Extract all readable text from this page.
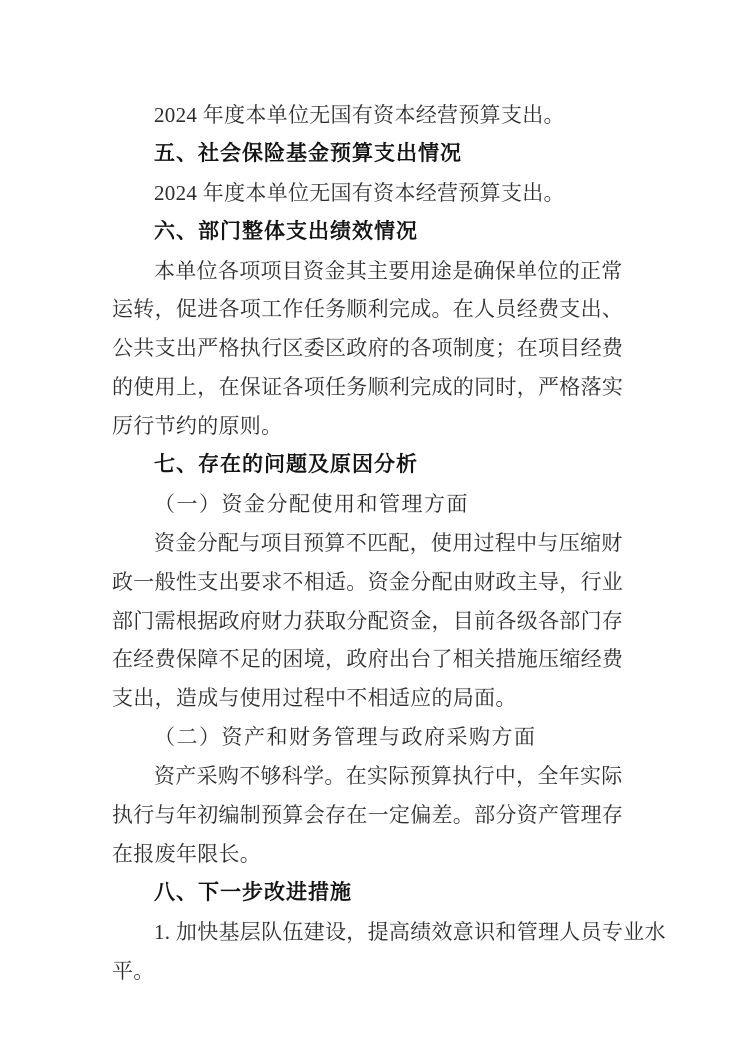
2024 年度本单位无国有资本经营预算支出。
五、社会保险基金预算支出情况
2024 年度本单位无国有资本经营预算支出。
六、部门整体支出绩效情况
本单位各项项目资金其主要用途是确保单位的正常
运转，促进各项工作任务顺利完成。在人员经费支出、
公共支出严格执行区委区政府的各项制度；在项目经费
的使用上，在保证各项任务顺利完成的同时，严格落实
厉行节约的原则。
七、存在的问题及原因分析
（一）资金分配使用和管理方面
资金分配与项目预算不匹配，使用过程中与压缩财
政一般性支出要求不相适。资金分配由财政主导，行业
部门需根据政府财力获取分配资金，目前各级各部门存
在经费保障不足的困境，政府出台了相关措施压缩经费
支出，造成与使用过程中不相适应的局面。
（二）资产和财务管理与政府采购方面
资产采购不够科学。在实际预算执行中，全年实际
执行与年初编制预算会存在一定偏差。部分资产管理存
在报废年限长。
八、下一步改进措施
1. 加快基层队伍建设，提高绩效意识和管理人员专业水
平。
